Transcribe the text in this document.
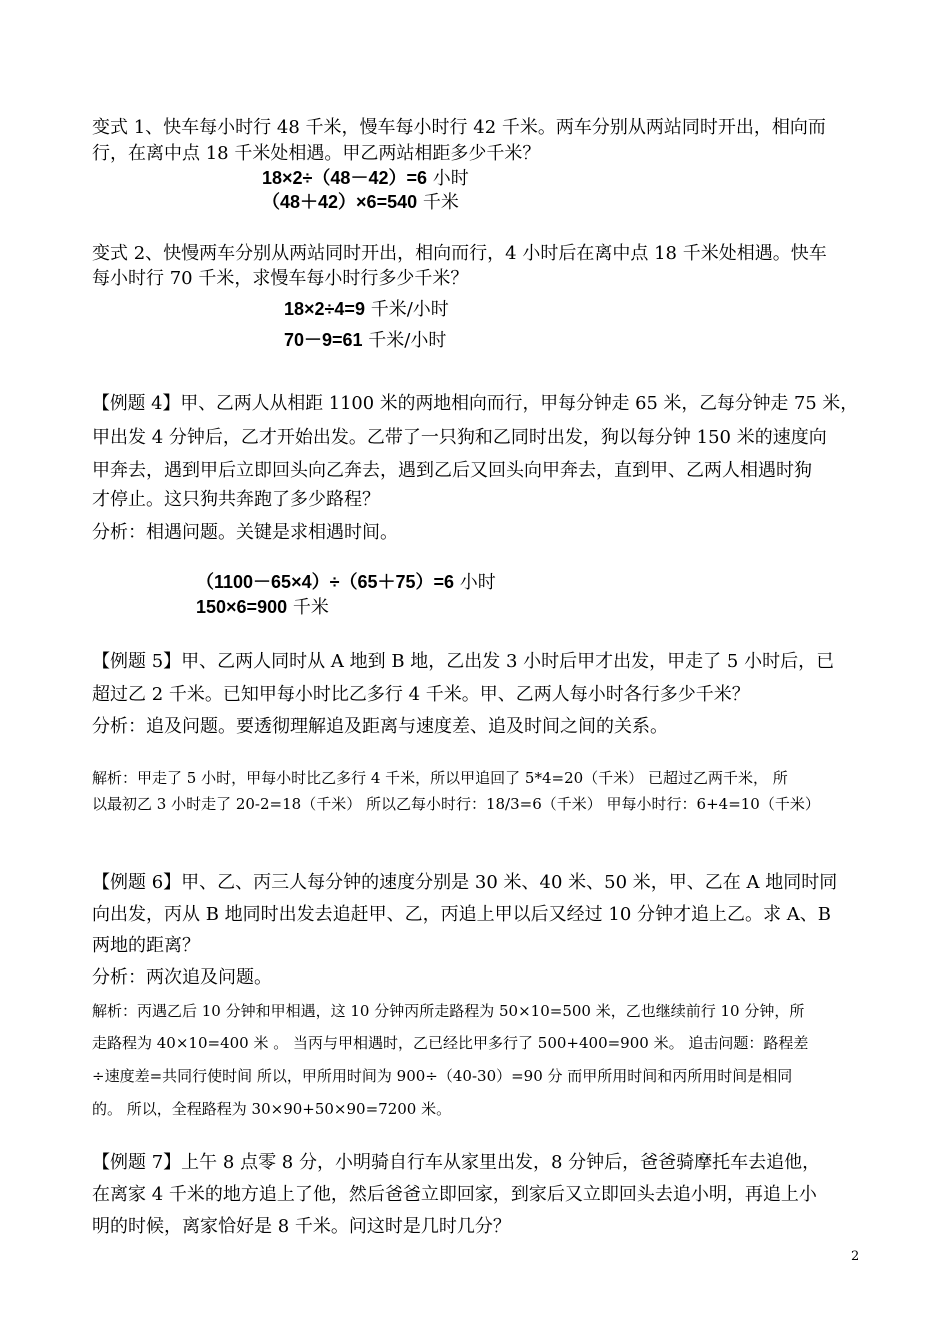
变式 1、快车每小时行 48 千米，慢车每小时行 42 千米。两车分别从两站同时开出，相向而
行，在离中点 18 千米处相遇。甲乙两站相距多少千米？
18×2÷（48－42）=6 小时
（48＋42）×6=540 千米
变式 2、快慢两车分别从两站同时开出，相向而行，4 小时后在离中点 18 千米处相遇。快车
每小时行 70 千米，求慢车每小时行多少千米？
18×2÷4=9 千米/小时
70－9=61 千米/小时
【例题 4】甲、乙两人从相距 1100 米的两地相向而行，甲每分钟走 65 米，乙每分钟走 75 米，
甲出发 4 分钟后，乙才开始出发。乙带了一只狗和乙同时出发，狗以每分钟 150 米的速度向
甲奔去，遇到甲后立即回头向乙奔去，遇到乙后又回头向甲奔去，直到甲、乙两人相遇时狗
才停止。这只狗共奔跑了多少路程？
分析：相遇问题。关键是求相遇时间。
（1100－65×4）÷（65＋75）=6 小时
150×6=900 千米
【例题 5】甲、乙两人同时从 A 地到 B 地，乙出发 3 小时后甲才出发，甲走了 5 小时后，已
超过乙 2 千米。已知甲每小时比乙多行 4 千米。甲、乙两人每小时各行多少千米？
分析：追及问题。要透彻理解追及距离与速度差、追及时间之间的关系。
解析：甲走了 5 小时，甲每小时比乙多行 4 千米，所以甲追回了 5*4=20（千米） 已超过乙两千米， 所
以最初乙 3 小时走了 20-2=18（千米） 所以乙每小时行：18/3=6（千米） 甲每小时行：6+4=10（千米）
【例题 6】甲、乙、丙三人每分钟的速度分别是 30 米、40 米、50 米，甲、乙在 A 地同时同
向出发，丙从 B 地同时出发去追赶甲、乙，丙追上甲以后又经过 10 分钟才追上乙。求 A、B
两地的距离？
分析：两次追及问题。
解析：丙遇乙后 10 分钟和甲相遇，这 10 分钟丙所走路程为 50×10=500 米，乙也继续前行 10 分钟，所
走路程为 40×10=400 米 。 当丙与甲相遇时，乙已经比甲多行了 500+400=900 米。 追击问题：路程差
÷速度差=共同行使时间 所以，甲所用时间为 900÷（40-30）=90 分 而甲所用时间和丙所用时间是相同
的。 所以，全程路程为 30×90+50×90=7200 米。
【例题 7】上午 8 点零 8 分，小明骑自行车从家里出发，8 分钟后，爸爸骑摩托车去追他，
在离家 4 千米的地方追上了他，然后爸爸立即回家，到家后又立即回头去追小明，再追上小
明的时候，离家恰好是 8 千米。问这时是几时几分？
2
